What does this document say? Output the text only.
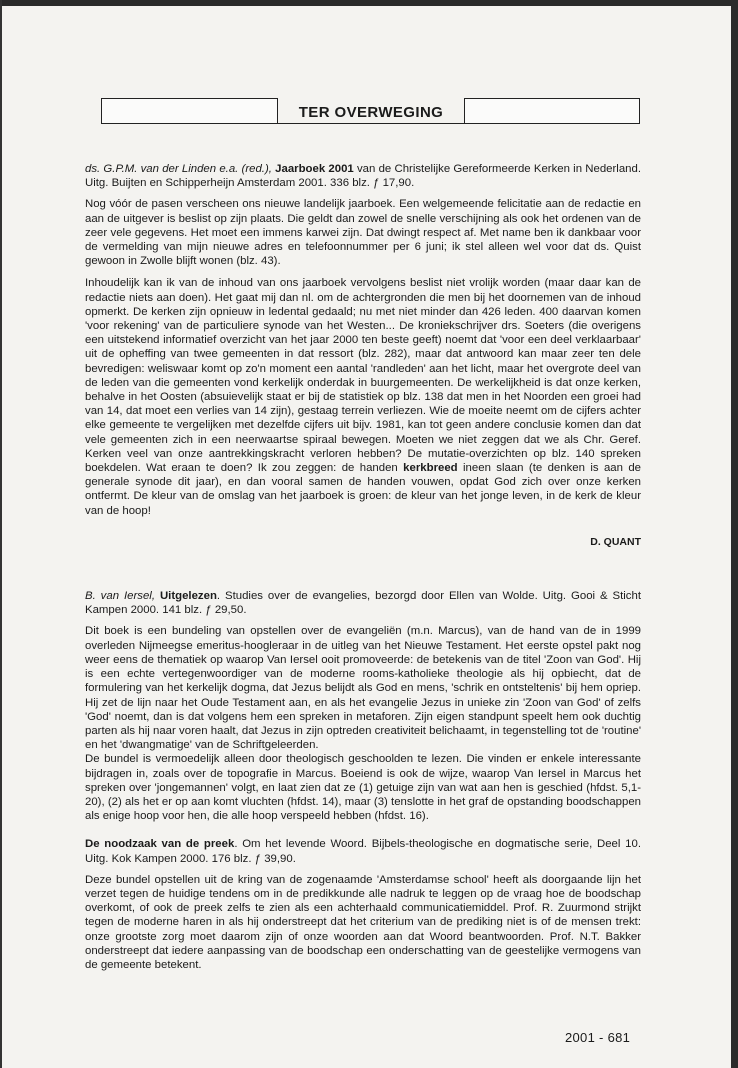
TER OVERWEGING

ds. G.P.M. van der Linden e.a. (red.), Jaarboek 2001 van de Christelijke Gereformeerde Kerken in Nederland. Uitg. Buijten en Schipperheijn Amsterdam 2001. 336 blz. ƒ 17,90.

Nog vóór de pasen verscheen ons nieuwe landelijk jaarboek. Een welgemeende felicitatie aan de redactie en aan de uitgever is beslist op zijn plaats. Die geldt dan zowel de snelle verschijning als ook het ordenen van de zeer vele gegevens. Het moet een immens karwei zijn. Dat dwingt respect af. Met name ben ik dankbaar voor de vermelding van mijn nieuwe adres en telefoonnummer per 6 juni; ik stel alleen wel voor dat ds. Quist gewoon in Zwolle blijft wonen (blz. 43).

Inhoudelijk kan ik van de inhoud van ons jaarboek vervolgens beslist niet vrolijk worden (maar daar kan de redactie niets aan doen). Het gaat mij dan nl. om de achtergronden die men bij het doornemen van de inhoud opmerkt. De kerken zijn opnieuw in ledental gedaald; nu met niet minder dan 426 leden. 400 daarvan komen 'voor rekening' van de particuliere synode van het Westen... De kroniekschrijver drs. Soeters (die overigens een uitstekend informatief overzicht van het jaar 2000 ten beste geeft) noemt dat 'voor een deel verklaarbaar' uit de opheffing van twee gemeenten in dat ressort (blz. 282), maar dat antwoord kan maar zeer ten dele bevredigen: weliswaar komt op zo'n moment een aantal 'randleden' aan het licht, maar het overgrote deel van de leden van die gemeenten vond kerkelijk onderdak in buurgemeenten. De werkelijkheid is dat onze kerken, behalve in het Oosten (absuievelijk staat er bij de statistiek op blz. 138 dat men in het Noorden een groei had van 14, dat moet een verlies van 14 zijn), gestaag terrein verliezen. Wie de moeite neemt om de cijfers achter elke gemeente te vergelijken met dezelfde cijfers uit bijv. 1981, kan tot geen andere conclusie komen dan dat vele gemeenten zich in een neerwaartse spiraal bewegen. Moeten we niet zeggen dat we als Chr. Geref. Kerken veel van onze aantrekkingskracht verloren hebben? De mutatie-overzichten op blz. 140 spreken boekdelen. Wat eraan te doen? Ik zou zeggen: de handen kerkbreed ineen slaan (te denken is aan de generale synode dit jaar), en dan vooral samen de handen vouwen, opdat God zich over onze kerken ontfermt. De kleur van de omslag van het jaarboek is groen: de kleur van het jonge leven, in de kerk de kleur van de hoop!

D. QUANT

B. van Iersel, Uitgelezen. Studies over de evangelies, bezorgd door Ellen van Wolde. Uitg. Gooi & Sticht Kampen 2000. 141 blz. ƒ 29,50.

Dit boek is een bundeling van opstellen over de evangeliën (m.n. Marcus), van de hand van de in 1999 overleden Nijmeegse emeritus-hoogleraar in de uitleg van het Nieuwe Testament. Het eerste opstel pakt nog weer eens de thematiek op waarop Van Iersel ooit promoveerde: de betekenis van de titel 'Zoon van God'. Hij is een echte vertegenwoordiger van de moderne rooms-katholieke theologie als hij opbiecht, dat de formulering van het kerkelijk dogma, dat Jezus belijdt als God en mens, 'schrik en ontsteltenis' bij hem opriep. Hij zet de lijn naar het Oude Testament aan, en als het evangelie Jezus in unieke zin 'Zoon van God' of zelfs 'God' noemt, dan is dat volgens hem een spreken in metaforen. Zijn eigen standpunt speelt hem ook duchtig parten als hij naar voren haalt, dat Jezus in zijn optreden creativiteit belichaamt, in tegenstelling tot de 'routine' en het 'dwangmatige' van de Schriftgeleerden.

De bundel is vermoedelijk alleen door theologisch geschoolden te lezen. Die vinden er enkele interessante bijdragen in, zoals over de topografie in Marcus. Boeiend is ook de wijze, waarop Van Iersel in Marcus het spreken over 'jongemannen' volgt, en laat zien dat ze (1) getuige zijn van wat aan hen is geschied (hfdst. 5,1-20), (2) als het er op aan komt vluchten (hfdst. 14), maar (3) tenslotte in het graf de opstanding boodschappen als enige hoop voor hen, die alle hoop verspeeld hebben (hfdst. 16).

De noodzaak van de preek. Om het levende Woord. Bijbels-theologische en dogmatische serie, Deel 10. Uitg. Kok Kampen 2000. 176 blz. ƒ 39,90.

Deze bundel opstellen uit de kring van de zogenaamde 'Amsterdamse school' heeft als doorgaande lijn het verzet tegen de huidige tendens om in de predikkunde alle nadruk te leggen op de vraag hoe de boodschap overkomt, of ook de preek zelfs te zien als een achterhaald communicatiemiddel. Prof. R. Zuurmond strijkt tegen de moderne haren in als hij onderstreept dat het criterium van de prediking niet is of de mensen trekt: onze grootste zorg moet daarom zijn of onze woorden aan dat Woord beantwoorden. Prof. N.T. Bakker onderstreept dat iedere aanpassing van de boodschap een onderschatting van de geestelijke vermogens van de gemeente betekent.

2001 - 681
